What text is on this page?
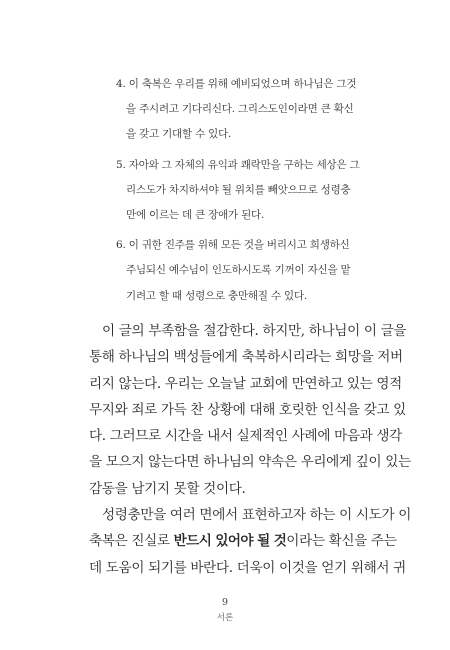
4. 이 축복은 우리를 위해 예비되었으며 하나님은 그것
을 주시려고 기다리신다. 그리스도인이라면 큰 확신
을 갖고 기대할 수 있다.
5. 자아와 그 자체의 유익과 쾌락만을 구하는 세상은 그
리스도가 차지하셔야 될 위치를 빼앗으므로 성령충
만에 이르는 데 큰 장애가 된다.
6. 이 귀한 진주를 위해 모든 것을 버리시고 희생하신
주님되신 예수님이 인도하시도록 기꺼이 자신을 맡
기려고 할 때 성령으로 충만해질 수 있다.

이 글의 부족함을 절감한다. 하지만, 하나님이 이 글을
통해 하나님의 백성들에게 축복하시리라는 희망을 저버
리지 않는다. 우리는 오늘날 교회에 만연하고 있는 영적
무지와 죄로 가득 찬 상황에 대해 호릿한 인식을 갖고 있
다. 그러므로 시간을 내서 실제적인 사례에 마음과 생각
을 모으지 않는다면 하나님의 약속은 우리에게 깊이 있는
감동을 남기지 못할 것이다.

성령충만을 여러 면에서 표현하고자 하는 이 시도가 이
축복은 진실로 반드시 있어야 될 것이라는 확신을 주는
데 도움이 되기를 바란다. 더욱이 이것을 얻기 위해서 귀

9
서론
